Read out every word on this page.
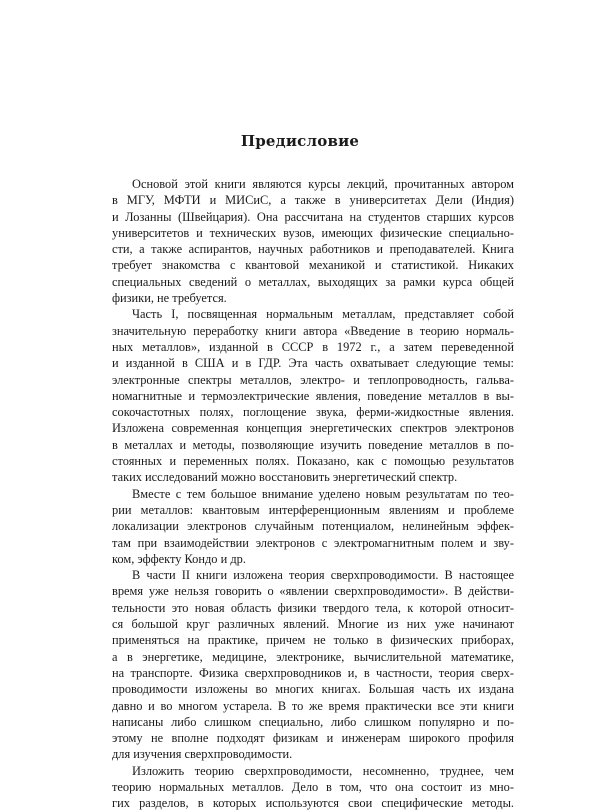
Предисловие
Основой этой книги являются курсы лекций, прочитанных автором
в МГУ, МФТИ и МИСиС, а также в университетах Дели (Индия)
и Лозанны (Швейцария). Она рассчитана на студентов старших курсов
университетов и технических вузов, имеющих физические специально-
сти, а также аспирантов, научных работников и преподавателей. Книга
требует знакомства с квантовой механикой и статистикой. Никаких
специальных сведений о металлах, выходящих за рамки курса общей
физики, не требуется.
Часть I, посвященная нормальным металлам, представляет собой
значительную переработку книги автора «Введение в теорию нормаль-
ных металлов», изданной в СССР в 1972 г., а затем переведенной
и изданной в США и в ГДР. Эта часть охватывает следующие темы:
электронные спектры металлов, электро- и теплопроводность, гальва-
номагнитные и термоэлектрические явления, поведение металлов в вы-
сокочастотных полях, поглощение звука, ферми-жидкостные явления.
Изложена современная концепция энергетических спектров электронов
в металлах и методы, позволяющие изучить поведение металлов в по-
стоянных и переменных полях. Показано, как с помощью результатов
таких исследований можно восстановить энергетический спектр.
Вместе с тем большое внимание уделено новым результатам по тео-
рии металлов: квантовым интерференционным явлениям и проблеме
локализации электронов случайным потенциалом, нелинейным эффек-
там при взаимодействии электронов с электромагнитным полем и зву-
ком, эффекту Кондо и др.
В части II книги изложена теория сверхпроводимости. В настоящее
время уже нельзя говорить о «явлении сверхпроводимости». В действи-
тельности это новая область физики твердого тела, к которой относит-
ся большой круг различных явлений. Многие из них уже начинают
применяться на практике, причем не только в физических приборах,
а в энергетике, медицине, электронике, вычислительной математике,
на транспорте. Физика сверхпроводников и, в частности, теория сверх-
проводимости изложены во многих книгах. Большая часть их издана
давно и во многом устарела. В то же время практически все эти книги
написаны либо слишком специально, либо слишком популярно и по-
этому не вполне подходят физикам и инженерам широкого профиля
для изучения сверхпроводимости.
Изложить теорию сверхпроводимости, несомненно, труднее, чем
теорию нормальных металлов. Дело в том, что она состоит из мно-
гих разделов, в которых используются свои специфические методы.
